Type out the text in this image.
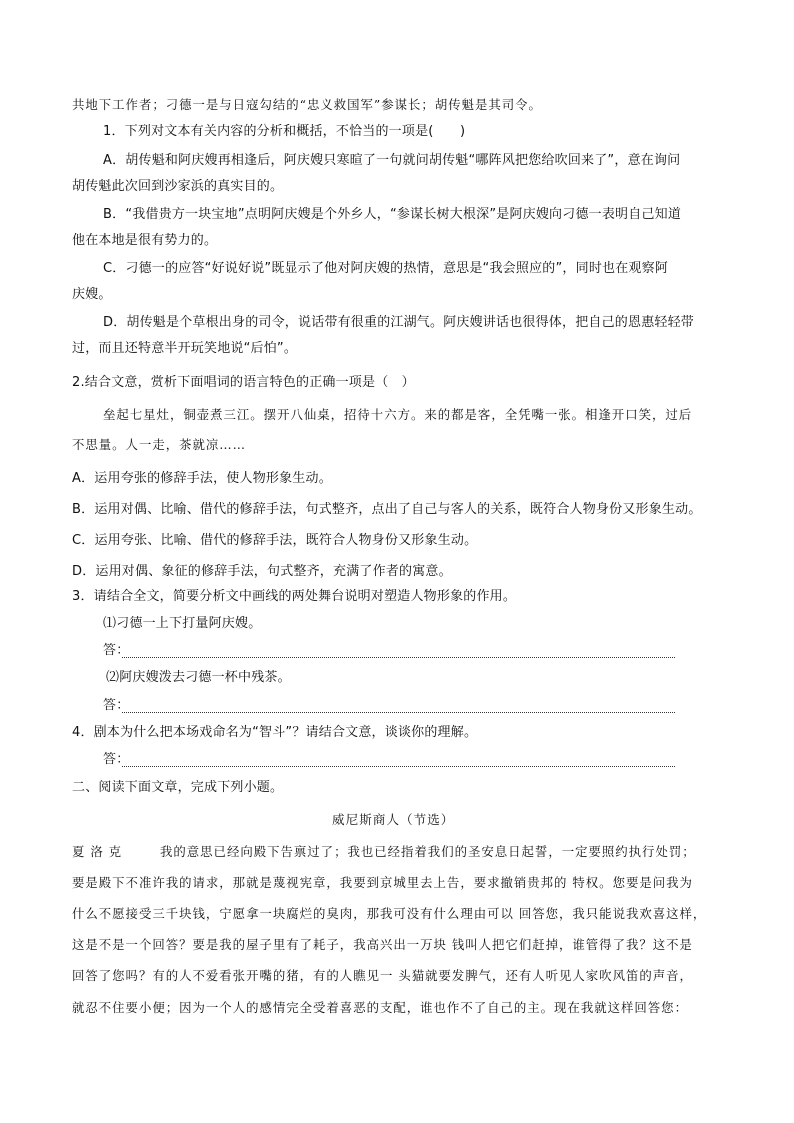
共地下工作者；刁德一是与日寇勾结的“忠义救国军”参谋长；胡传魁是其司令。
1．下列对文本有关内容的分析和概括，不恰当的一项是(　　)
A．胡传魁和阿庆嫂再相逢后，阿庆嫂只寒暄了一句就问胡传魁“哪阵风把您给吹回来了”，意在询问
胡传魁此次回到沙家浜的真实目的。
B．“我借贵方一块宝地”点明阿庆嫂是个外乡人，“参谋长树大根深”是阿庆嫂向刁德一表明自己知道
他在本地是很有势力的。
C．刁德一的应答“好说好说”既显示了他对阿庆嫂的热情，意思是“我会照应的”，同时也在观察阿
庆嫂。
D．胡传魁是个草根出身的司令，说话带有很重的江湖气。阿庆嫂讲话也很得体，把自己的恩惠轻轻带
过，而且还特意半开玩笑地说“后怕”。
2.结合文意，赏析下面唱词的语言特色的正确一项是（　）
垒起七星灶，铜壶煮三江。摆开八仙桌，招待十六方。来的都是客，全凭嘴一张。相逢开口笑，过后
不思量。人一走，茶就凉……
A．运用夸张的修辞手法，使人物形象生动。
B．运用对偶、比喻、借代的修辞手法，句式整齐，点出了自己与客人的关系，既符合人物身份又形象生动。
C．运用夸张、比喻、借代的修辞手法，既符合人物身份又形象生动。
D．运用对偶、象征的修辞手法，句式整齐，充满了作者的寓意。
3．请结合全文，简要分析文中画线的两处舞台说明对塑造人物形象的作用。
⑴刁德一上下打量阿庆嫂。
答：
⑵阿庆嫂泼去刁德一杯中残茶。
答：
4．剧本为什么把本场戏命名为“智斗”？请结合文意，谈谈你的理解。
答：
二、阅读下面文章，完成下列小题。
威尼斯商人（节选）
夏 洛 克	我的意思已经向殿下告禀过了；我也已经指着我们的圣安息日起誓，一定要照约执行处罚；
要是殿下不准许我的请求，那就是蔑视宪章，我要到京城里去上告，要求撤销贵邦的 特权。您要是问我为
什么不愿接受三千块钱，宁愿拿一块腐烂的臭肉，那我可没有什么理由可以 回答您，我只能说我欢喜这样，
这是不是一个回答？要是我的屋子里有了耗子，我高兴出一万块 钱叫人把它们赶掉，谁管得了我？这不是
回答了您吗？有的人不爱看张开嘴的猪，有的人瞧见一 头猫就要发脾气，还有人听见人家吹风笛的声音，
就忍不住要小便；因为一个人的感情完全受着喜恶的支配，谁也作不了自己的主。现在我就这样回答您：
